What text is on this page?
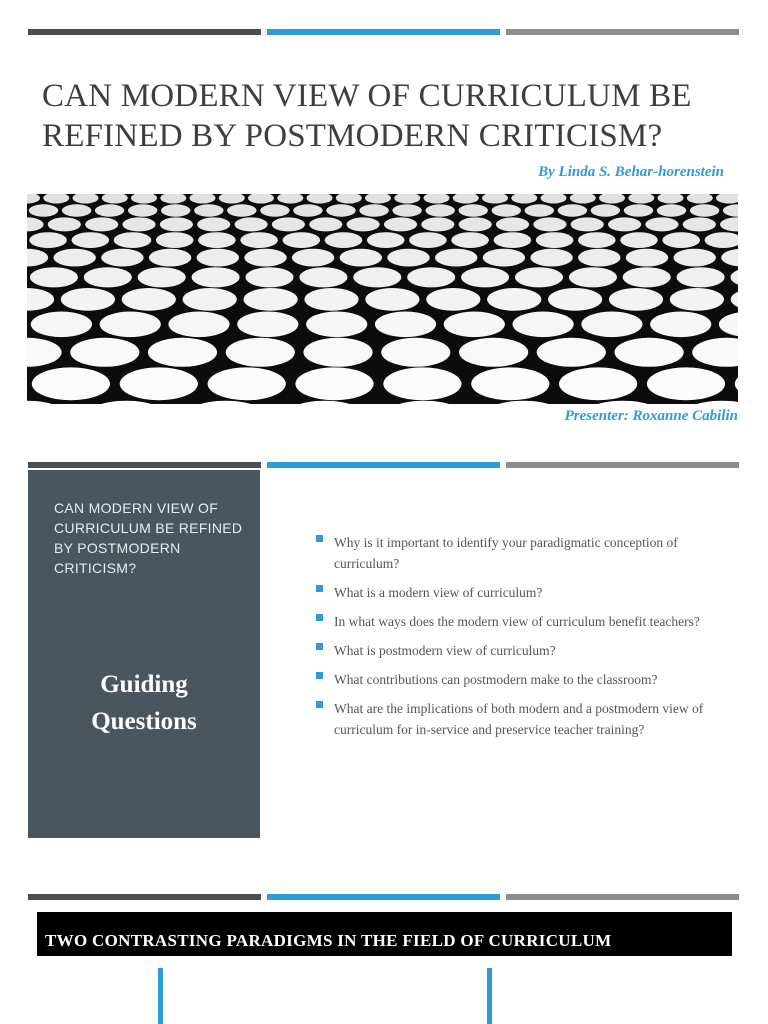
CAN MODERN VIEW OF CURRICULUM BE REFINED BY POSTMODERN CRITICISM?
By Linda S. Behar-horenstein
Presenter: Roxanne Cabilin
CAN MODERN VIEW OF CURRICULUM BE REFINED BY POSTMODERN CRITICISM?
Guiding
Questions
Why is it important to identify your paradigmatic conception of curriculum?
What is a modern view of curriculum?
In what ways does the modern view of curriculum benefit teachers?
What is postmodern view of curriculum?
What contributions can postmodern make to the classroom?
What are the implications of both modern and a postmodern view of curriculum for in-service and preservice teacher training?
TWO CONTRASTING PARADIGMS IN THE FIELD OF CURRICULUM
